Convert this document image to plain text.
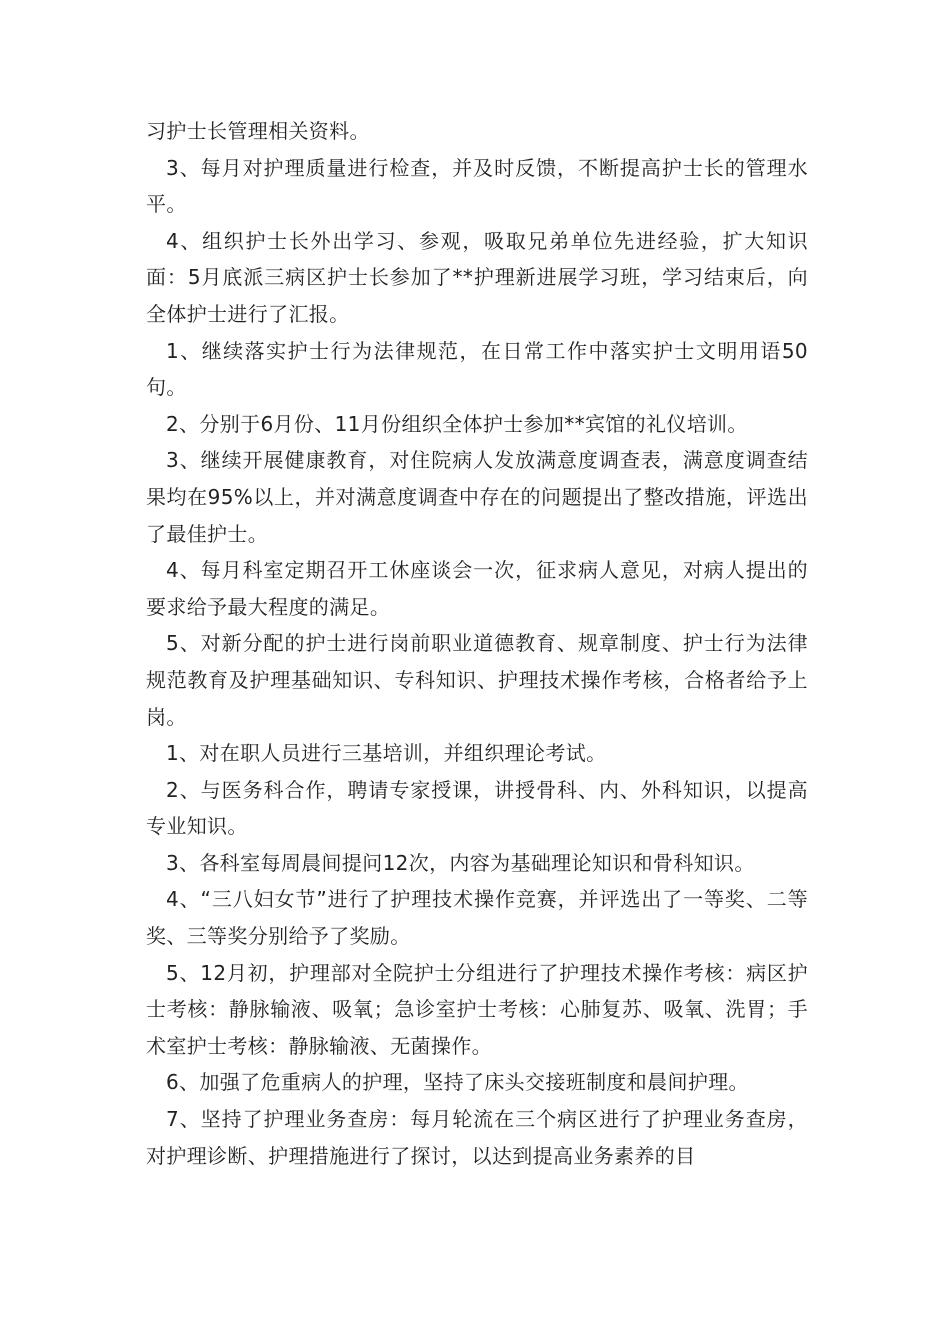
习护士长管理相关资料。

3、每月对护理质量进行检查，并及时反馈，不断提高护士长的管理水平。

4、组织护士长外出学习、参观，吸取兄弟单位先进经验，扩大知识面：5月底派三病区护士长参加了**护理新进展学习班，学习结束后，向全体护士进行了汇报。

1、继续落实护士行为法律规范，在日常工作中落实护士文明用语50句。

2、分别于6月份、11月份组织全体护士参加**宾馆的礼仪培训。

3、继续开展健康教育，对住院病人发放满意度调查表，满意度调查结果均在95%以上，并对满意度调查中存在的问题提出了整改措施，评选出了最佳护士。

4、每月科室定期召开工休座谈会一次，征求病人意见，对病人提出的要求给予最大程度的满足。

5、对新分配的护士进行岗前职业道德教育、规章制度、护士行为法律规范教育及护理基础知识、专科知识、护理技术操作考核，合格者给予上岗。

1、对在职人员进行三基培训，并组织理论考试。

2、与医务科合作，聘请专家授课，讲授骨科、内、外科知识，以提高专业知识。

3、各科室每周晨间提问12次，内容为基础理论知识和骨科知识。

4、“三八妇女节”进行了护理技术操作竞赛，并评选出了一等奖、二等奖、三等奖分别给予了奖励。

5、12月初，护理部对全院护士分组进行了护理技术操作考核：病区护士考核：静脉输液、吸氧；急诊室护士考核：心肺复苏、吸氧、洗胃；手术室护士考核：静脉输液、无菌操作。

6、加强了危重病人的护理，坚持了床头交接班制度和晨间护理。

7、坚持了护理业务查房：每月轮流在三个病区进行了护理业务查房，对护理诊断、护理措施进行了探讨，以达到提高业务素养的目
